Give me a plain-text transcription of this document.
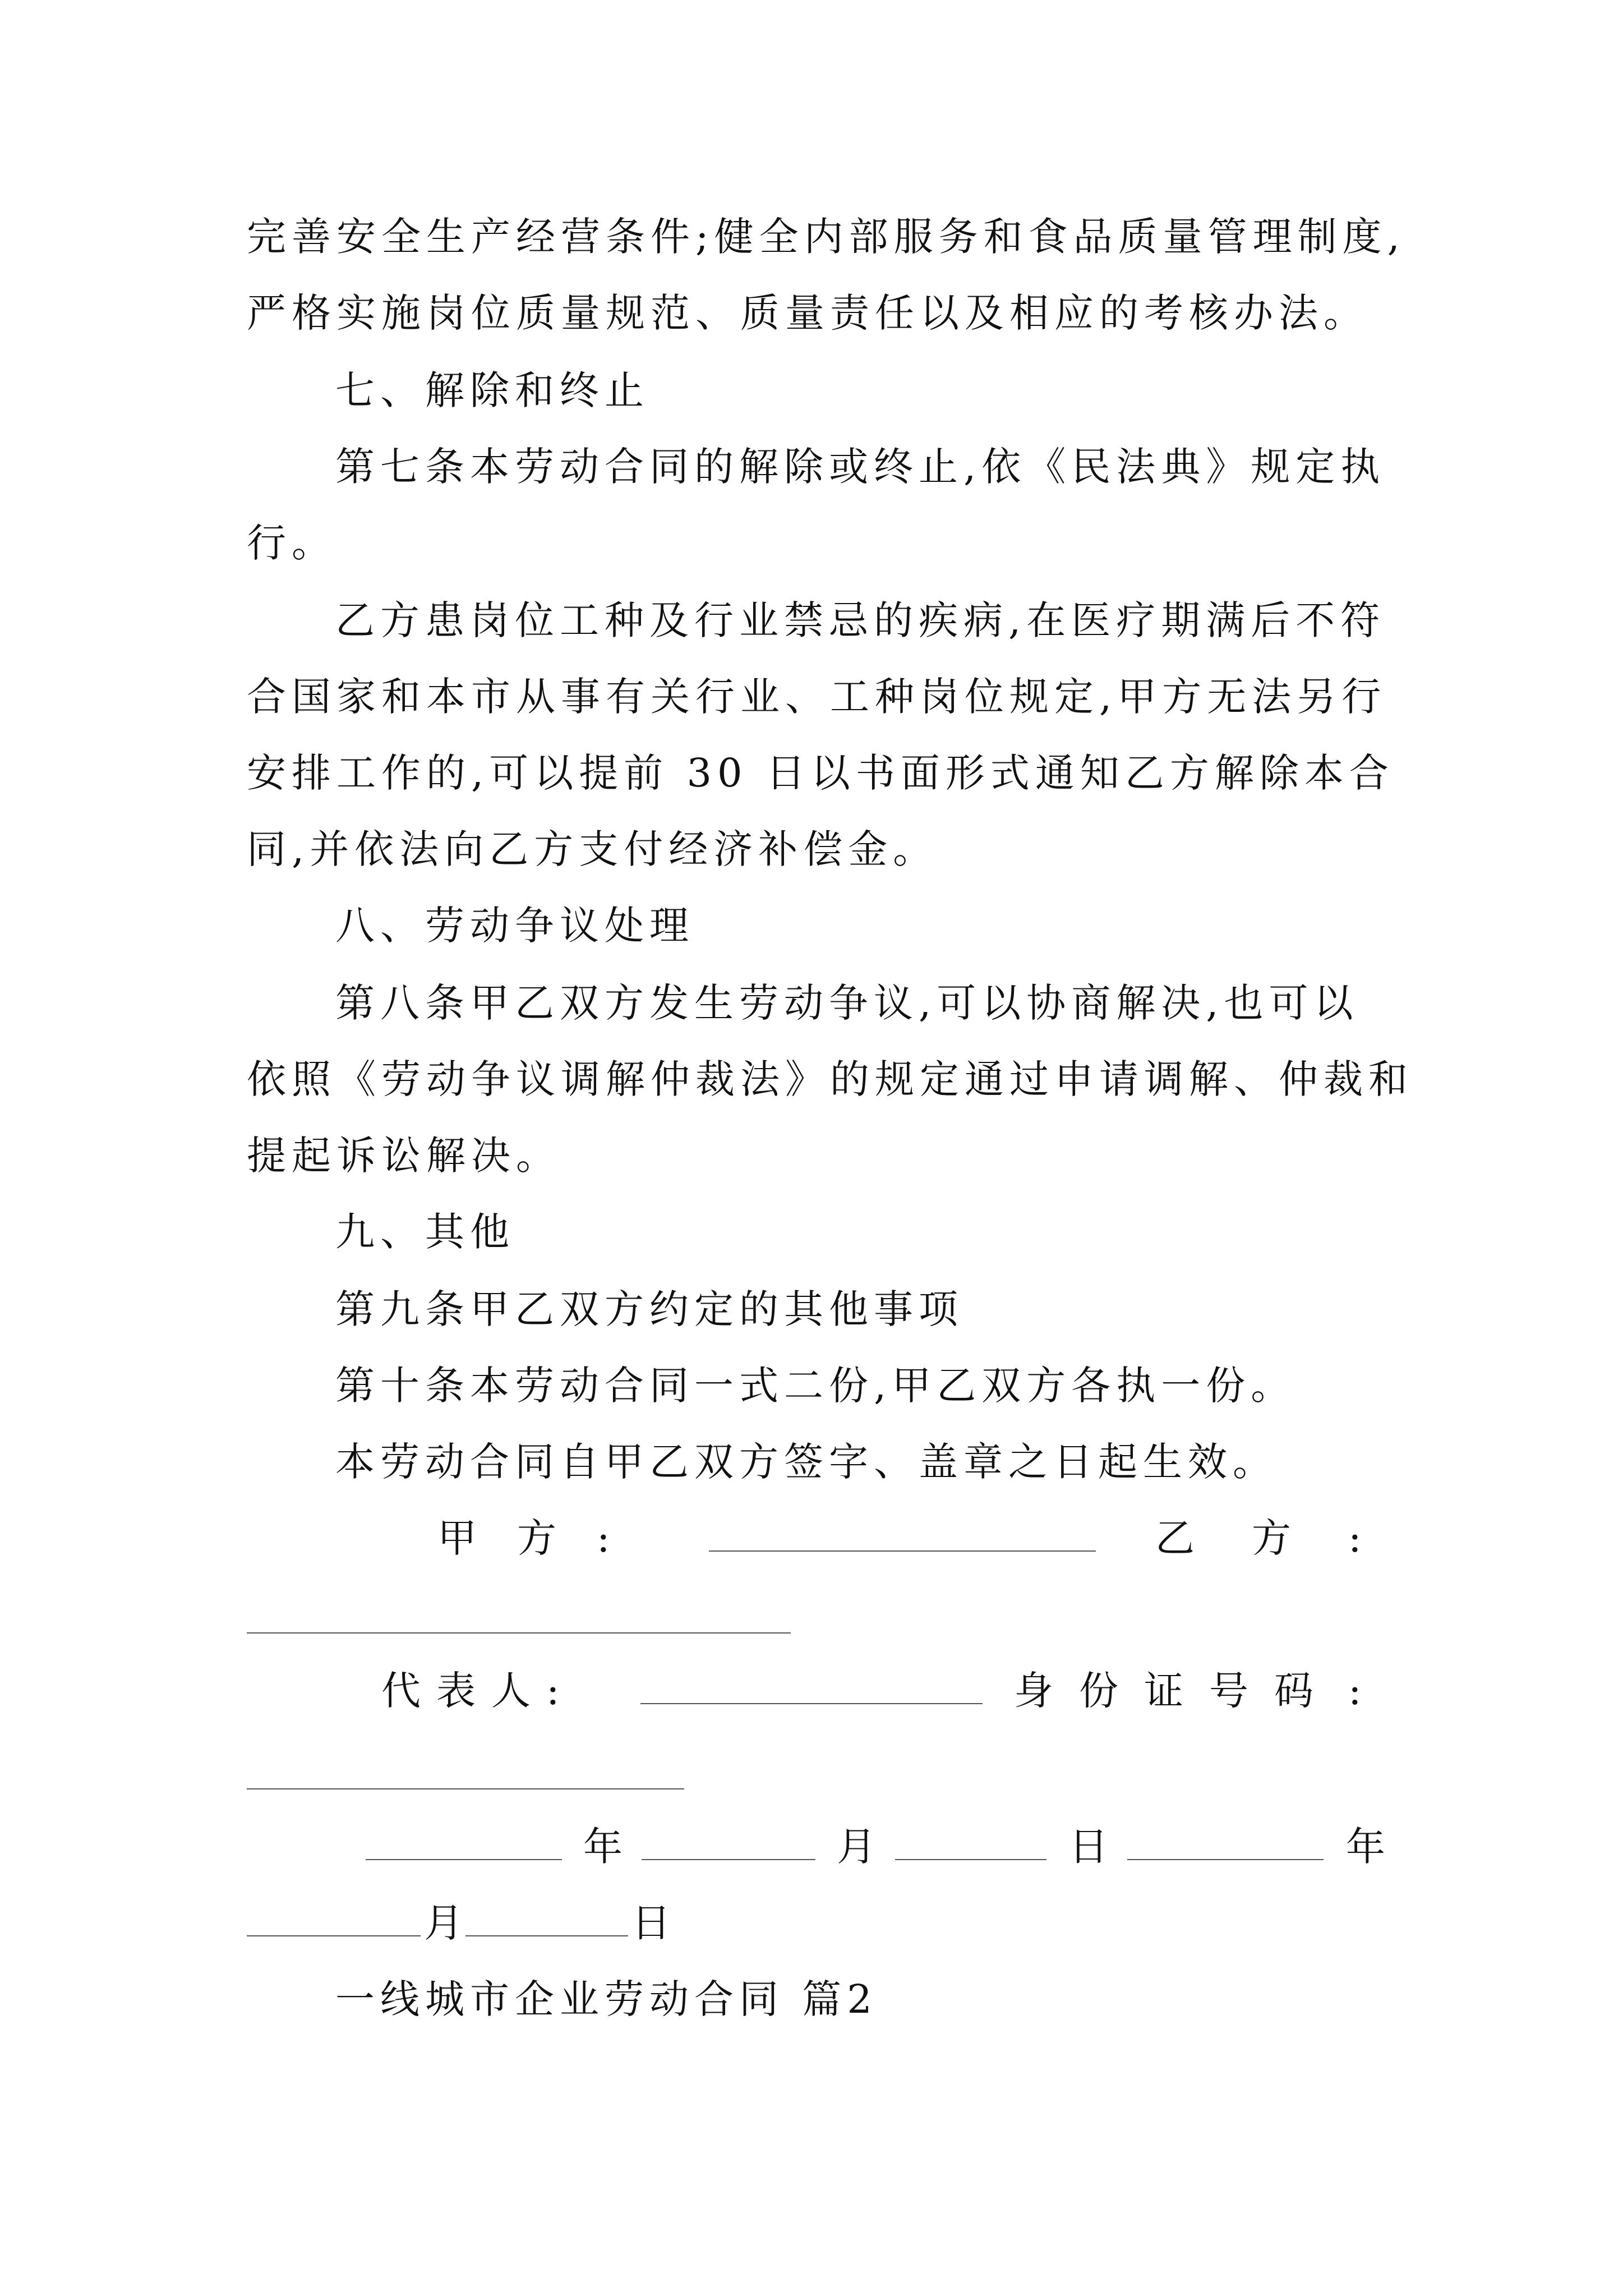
完善安全生产经营条件;健全内部服务和食品质量管理制度,
严格实施岗位质量规范、质量责任以及相应的考核办法。
七、解除和终止
第七条本劳动合同的解除或终止,依《民法典》规定执
行。
乙方患岗位工种及行业禁忌的疾病,在医疗期满后不符
合国家和本市从事有关行业、工种岗位规定,甲方无法另行
安排工作的,可以提前 30 日以书面形式通知乙方解除本合
同,并依法向乙方支付经济补偿金。
八、劳动争议处理
第八条甲乙双方发生劳动争议,可以协商解决,也可以
依照《劳动争议调解仲裁法》的规定通过申请调解、仲裁和
提起诉讼解决。
九、其他
第九条甲乙双方约定的其他事项
第十条本劳动合同一式二份,甲乙双方各执一份。
本劳动合同自甲乙双方签字、盖章之日起生效。
甲 方 :	乙 方 :
代 表 人 :	身 份 证 号 码 :
年	月	日	年
月	日
一线城市企业劳动合同 篇2
